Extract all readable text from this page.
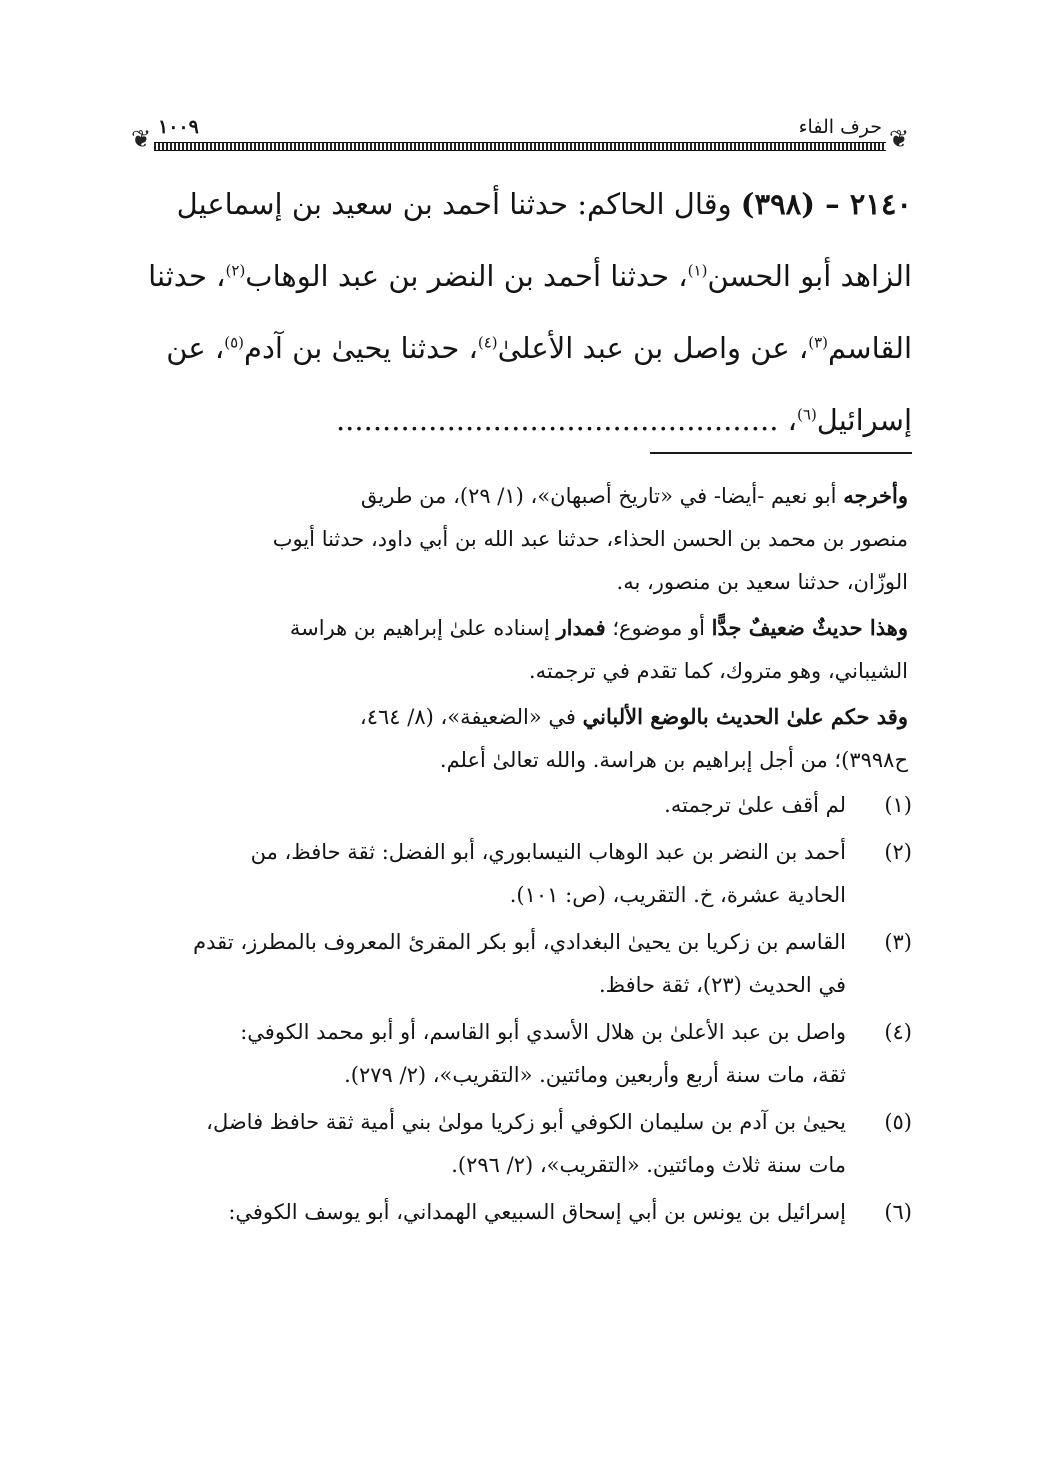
❦
حرف الفاء
١٠٠٩
❦
٢١٤٠ – (٣٩٨) وقال الحاكم: حدثنا أحمد بن سعيد بن إسماعيل
الزاهد أبو الحسن$^{(١)}$، حدثنا أحمد بن النضر بن عبد الوهاب$^{(٢)}$، حدثنا
القاسم$^{(٣)}$، عن واصل بن عبد الأعلىٰ$^{(٤)}$، حدثنا يحيىٰ بن آدم$^{(٥)}$، عن
إسرائيل$^{(٦)}$، ................................................
وأخرجه أبو نعيم -أيضا- في «تاريخ أصبهان»، (١/ ٢٩)، من طريق
منصور بن محمد بن الحسن الحذاء، حدثنا عبد الله بن أبي داود، حدثنا أيوب
الوزّان، حدثنا سعيد بن منصور، به.
وهذا حديثٌ ضعيفٌ جدًّا أو موضوع؛ فمدار إسناده علىٰ إبراهيم بن هراسة
الشيباني، وهو متروك، كما تقدم في ترجمته.
وقد حكم علىٰ الحديث بالوضع الألباني في «الضعيفة»، (٨/ ٤٦٤،
ح٣٩٩٨)؛ من أجل إبراهيم بن هراسة. والله تعالىٰ أعلم.
(١)
لم أقف علىٰ ترجمته.
(٢)
أحمد بن النضر بن عبد الوهاب النيسابوري، أبو الفضل: ثقة حافظ، من
الحادية عشرة، خ. التقريب، (ص: ١٠١).
(٣)
القاسم بن زكريا بن يحيىٰ البغدادي، أبو بكر المقرئ المعروف بالمطرز، تقدم
في الحديث (٢٣)، ثقة حافظ.
(٤)
واصل بن عبد الأعلىٰ بن هلال الأسدي أبو القاسم، أو أبو محمد الكوفي:
ثقة، مات سنة أربع وأربعين ومائتين. «التقريب»، (٢/ ٢٧٩).
(٥)
يحيىٰ بن آدم بن سليمان الكوفي أبو زكريا مولىٰ بني أمية ثقة حافظ فاضل،
مات سنة ثلاث ومائتين. «التقريب»، (٢/ ٢٩٦).
(٦)
إسرائيل بن يونس بن أبي إسحاق السبيعي الهمداني، أبو يوسف الكوفي:
